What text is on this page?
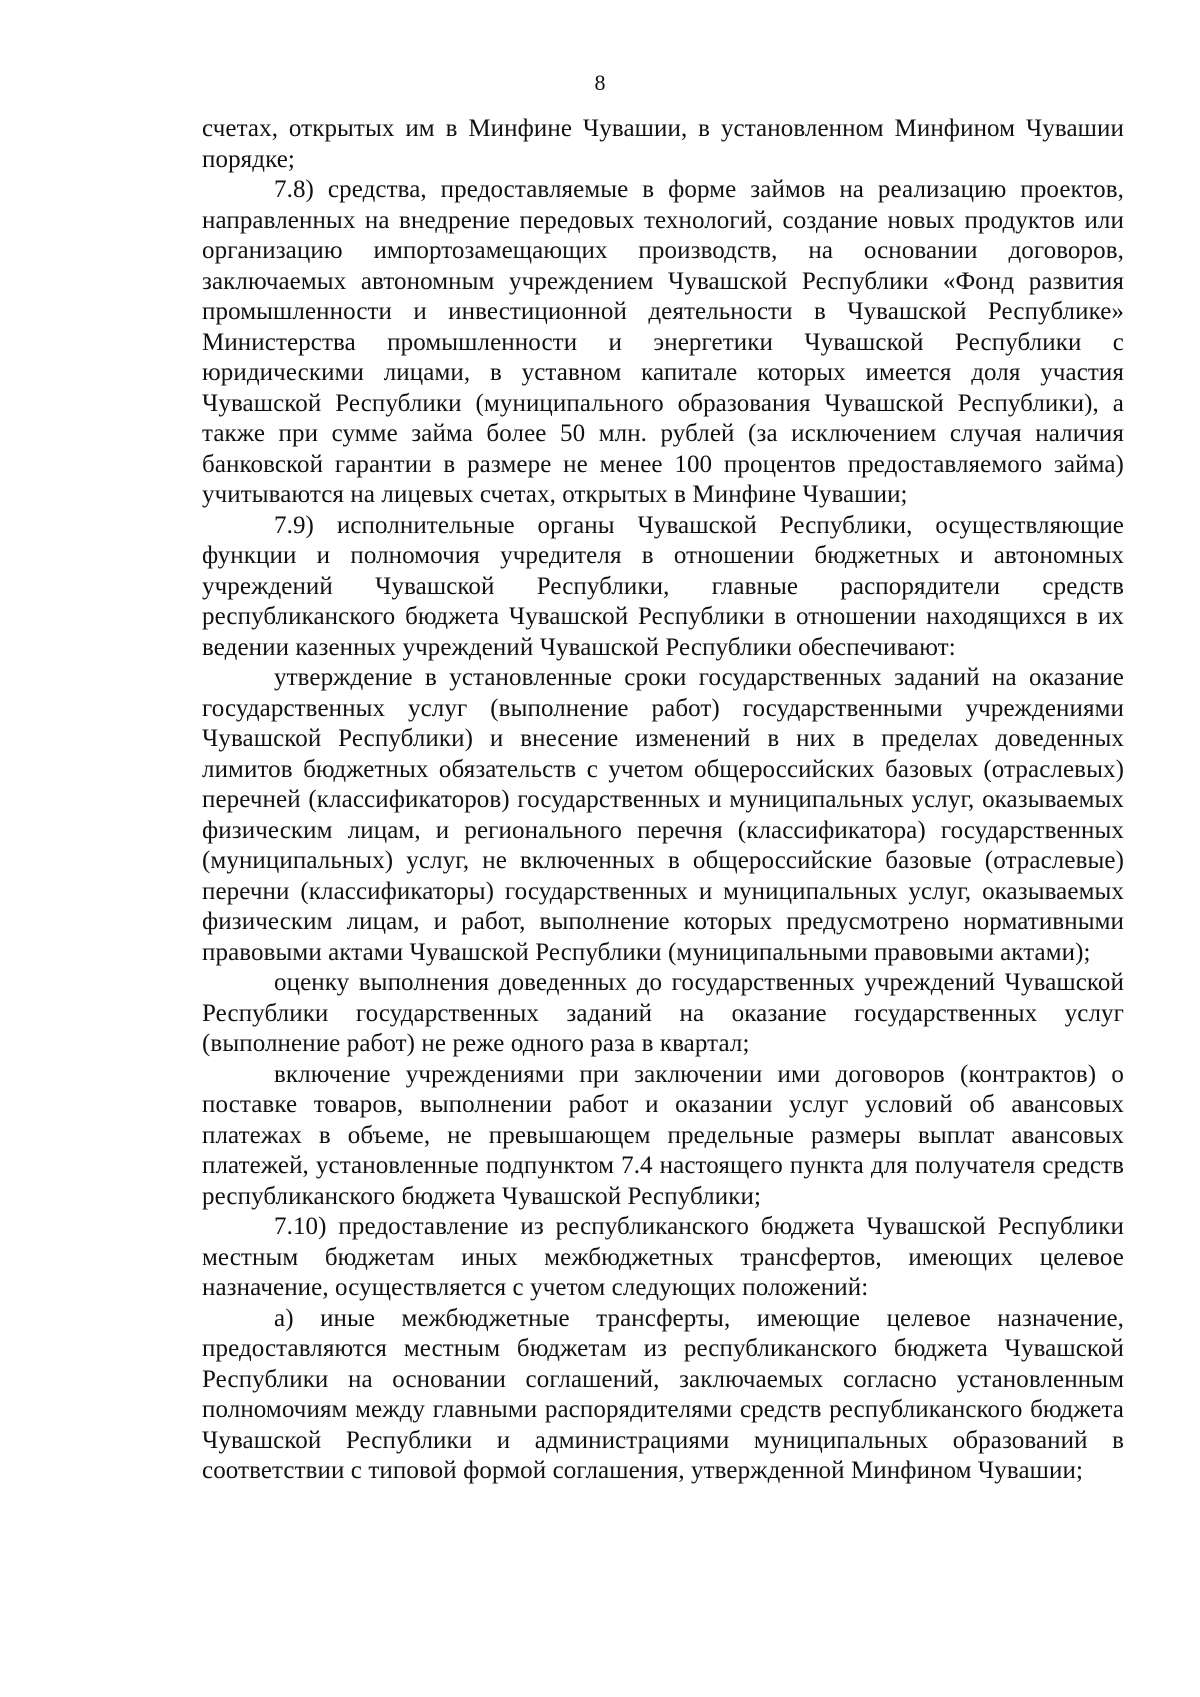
8

счетах, открытых им в Минфине Чувашии, в установленном Минфином Чувашии порядке;

7.8) средства, предоставляемые в форме займов на реализацию проектов, направленных на внедрение передовых технологий, создание новых продуктов или организацию импортозамещающих производств, на основании договоров, заключаемых автономным учреждением Чувашской Республики «Фонд развития промышленности и инвестиционной деятельности в Чувашской Республике» Министерства промышленности и энергетики Чувашской Республики с юридическими лицами, в уставном капитале которых имеется доля участия Чувашской Республики (муниципального образования Чувашской Республики), а также при сумме займа более 50 млн. рублей (за исключением случая наличия банковской гарантии в размере не менее 100 процентов предоставляемого займа) учитываются на лицевых счетах, открытых в Минфине Чувашии;

7.9) исполнительные органы Чувашской Республики, осуществляющие функции и полномочия учредителя в отношении бюджетных и автономных учреждений Чувашской Республики, главные распорядители средств республиканского бюджета Чувашской Республики в отношении находящихся в их ведении казенных учреждений Чувашской Республики обеспечивают:

утверждение в установленные сроки государственных заданий на оказание государственных услуг (выполнение работ) государственными учреждениями Чувашской Республики) и внесение изменений в них в пределах доведенных лимитов бюджетных обязательств с учетом общероссийских базовых (отраслевых) перечней (классификаторов) государственных и муниципальных услуг, оказываемых физическим лицам, и регионального перечня (классификатора) государственных (муниципальных) услуг, не включенных в общероссийские базовые (отраслевые) перечни (классификаторы) государственных и муниципальных услуг, оказываемых физическим лицам, и работ, выполнение которых предусмотрено нормативными правовыми актами Чувашской Республики (муниципальными правовыми актами);

оценку выполнения доведенных до государственных учреждений Чувашской Республики государственных заданий на оказание государственных услуг (выполнение работ) не реже одного раза в квартал;

включение учреждениями при заключении ими договоров (контрактов) о поставке товаров, выполнении работ и оказании услуг условий об авансовых платежах в объеме, не превышающем предельные размеры выплат авансовых платежей, установленные подпунктом 7.4 настоящего пункта для получателя средств республиканского бюджета Чувашской Республики;

7.10) предоставление из республиканского бюджета Чувашской Республики местным бюджетам иных межбюджетных трансфертов, имеющих целевое назначение, осуществляется с учетом следующих положений:

а) иные межбюджетные трансферты, имеющие целевое назначение, предоставляются местным бюджетам из республиканского бюджета Чувашской Республики на основании соглашений, заключаемых согласно установленным полномочиям между главными распорядителями средств республиканского бюджета Чувашской Республики и администрациями муниципальных образований в соответствии с типовой формой соглашения, утвержденной Минфином Чувашии;
